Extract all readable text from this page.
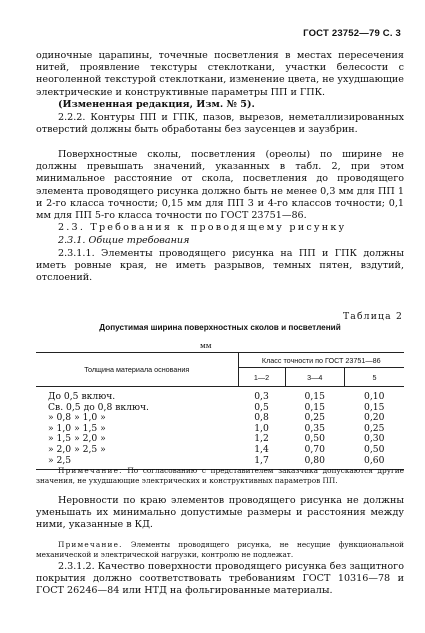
ГОСТ 23752—79 С. 3
одиночные царапины, точечные посветления в местах пересечения нитей, проявление текстуры стеклоткани, участки белесости с неоголенной текстурой стеклоткани, изменение цвета, не ухудшающие электрические и конструктивные параметры ПП и ГПК.
(Измененная редакция, Изм. № 5).
2.2.2. Контуры ПП и ГПК, пазов, вырезов, неметаллизированных отверстий должны быть обработаны без заусенцев и заузбрин.
Поверхностные сколы, посветления (ореолы) по ширине не должны превышать значений, указанных в табл. 2, при этом минимальное расстояние от скола, посветления до проводящего элемента проводящего рисунка должно быть не менее 0,3 мм для ПП 1 и 2-го класса точности; 0,15 мм для ПП 3 и 4-го классов точности; 0,1 мм для ПП 5-го класса точности по ГОСТ 23751—86.
2.3. Требования к проводящему рисунку
2.3.1. Общие требования
2.3.1.1. Элементы проводящего рисунка на ПП и ГПК должны иметь ровные края, не иметь разрывов, темных пятен, вздутий, отслоений.
Таблица 2
Допустимая ширина поверхностных сколов и посветлений
мм
Толщина материала основания	Класс точности по ГОСТ 23751—86		
	1—2	3—4	5
До 0,5 включ.	0,3	0,15	0,10
Св. 0,5 до 0,8 включ.	0,5	0,15	0,15
» 0,8 » 1,0 »	0,8	0,25	0,20
» 1,0 » 1,5 »	1,0	0,35	0,25
» 1,5 » 2,0 »	1,2	0,50	0,30
» 2,0 » 2,5 »	1,4	0,70	0,50
» 2,5	1,7	0,80	0,60
Примечание. По согласованию с представителем заказчика допускаются другие значения, не ухудшающие электрических и конструктивных параметров ПП.
Неровности по краю элементов проводящего рисунка не должны уменьшать их минимально допустимые размеры и расстояния между ними, указанные в КД.
Примечание. Элементы проводящего рисунка, не несущие функциональной механической и электрической нагрузки, контролю не подлежат.
2.3.1.2. Качество поверхности проводящего рисунка без защитного покрытия должно соответствовать требованиям ГОСТ 10316—78 и ГОСТ 26246—84 или НТД на фольгированные материалы.
